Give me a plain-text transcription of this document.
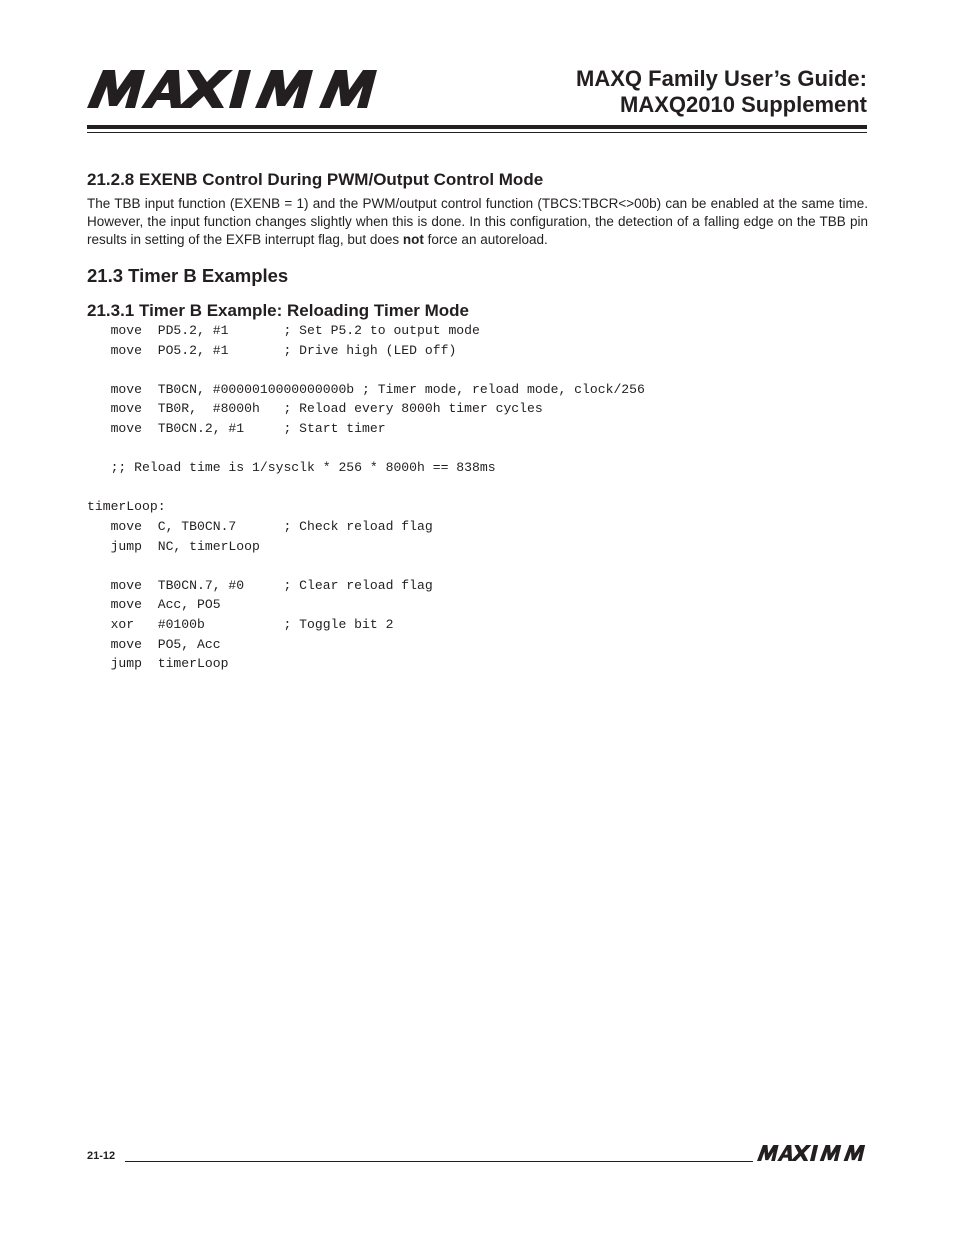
MAXQ Family User’s Guide:
MAXQ2010 Supplement
21.2.8 EXENB Control During PWM/Output Control Mode

The TBB input function (EXENB = 1) and the PWM/output control function (TBCS:TBCR<>00b) can be enabled at the same time. However, the input function changes slightly when this is done. In this configuration, the detection of a falling edge on the TBB pin results in setting of the EXFB interrupt flag, but does not force an autoreload.

21.3 Timer B Examples
21.3.1 Timer B Example: Reloading Timer Mode
move  PD5.2, #1       ; Set P5.2 to output mode
move  PO5.2, #1       ; Drive high (LED off)
move  TB0CN, #0000010000000000b ; Timer mode, reload mode, clock/256
move  TB0R,  #8000h   ; Reload every 8000h timer cycles
move  TB0CN.2, #1     ; Start timer
;; Reload time is 1/sysclk * 256 * 8000h == 838ms
timerLoop:
move  C, TB0CN.7      ; Check reload flag
jump  NC, timerLoop
move  TB0CN.7, #0     ; Clear reload flag
move  Acc, PO5
xor   #0100b          ; Toggle bit 2
move  PO5, Acc
jump  timerLoop
21-12
